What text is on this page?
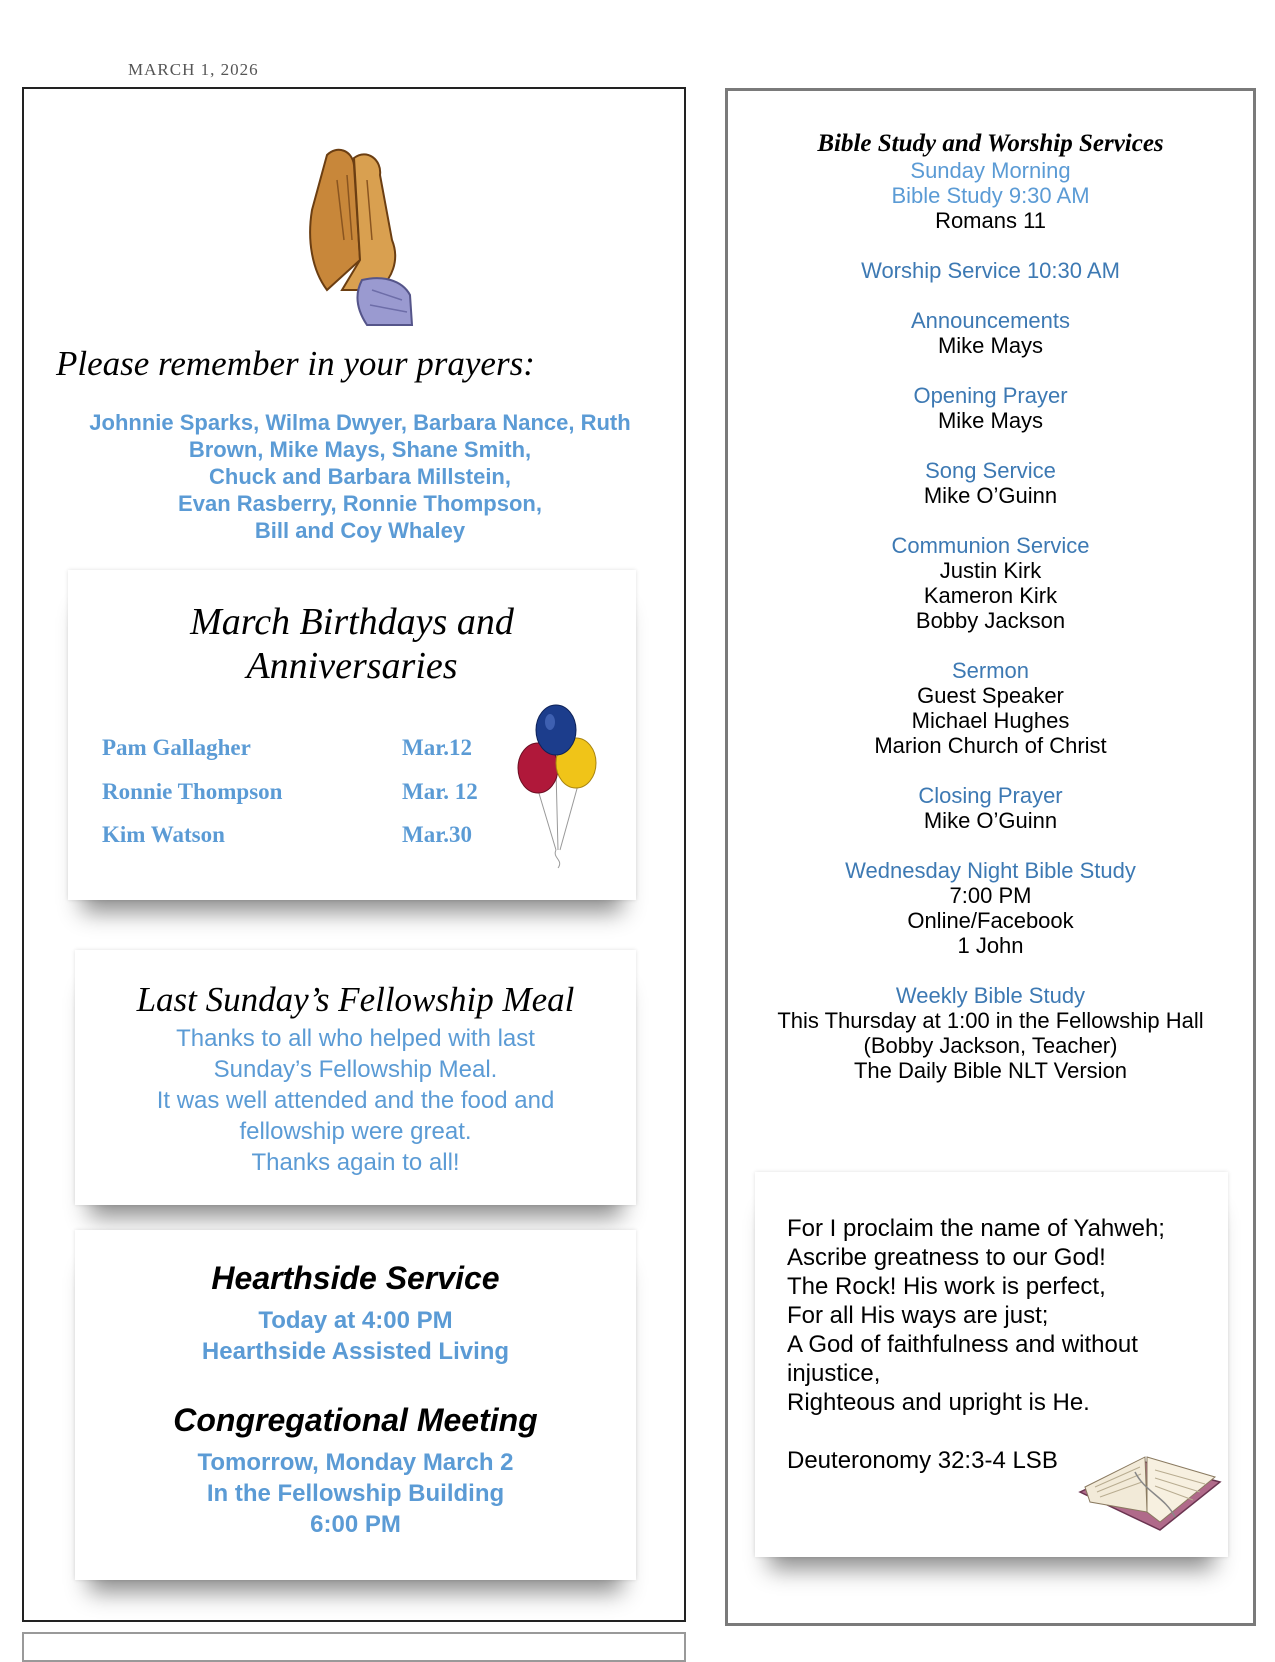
MARCH 1, 2026
Please remember in your prayers:
Johnnie Sparks, Wilma Dwyer, Barbara Nance, Ruth
Brown, Mike Mays, Shane Smith,
Chuck and Barbara Millstein,
Evan Rasberry, Ronnie Thompson,
Bill and Coy Whaley
March Birthdays and
Anniversaries
Pam Gallagher	Mar.12
Ronnie Thompson	Mar. 12
Kim Watson	Mar.30
Last Sunday’s Fellowship Meal
Thanks to all who helped with last
Sunday’s Fellowship Meal.
It was well attended and the food and
fellowship were great.
Thanks again to all!
Hearthside Service
Today at 4:00 PM
Hearthside Assisted Living
Congregational Meeting
Tomorrow, Monday March 2
In the Fellowship Building
6:00 PM
Bible Study and Worship Services
Sunday Morning
Bible Study 9:30 AM
Romans 11
Worship Service 10:30 AM
Announcements
Mike Mays
Opening Prayer
Mike Mays
Song Service
Mike O’Guinn
Communion Service
Justin Kirk
Kameron Kirk
Bobby Jackson
Sermon
Guest Speaker
Michael Hughes
Marion Church of Christ
Closing Prayer
Mike O’Guinn
Wednesday Night Bible Study
7:00 PM
Online/Facebook
1 John
Weekly Bible Study
This Thursday at 1:00 in the Fellowship Hall
(Bobby Jackson, Teacher)
The Daily Bible NLT Version
For I proclaim the name of Yahweh;
Ascribe greatness to our God!
The Rock! His work is perfect,
For all His ways are just;
A God of faithfulness and without
injustice,
Righteous and upright is He.
Deuteronomy 32:3-4 LSB
